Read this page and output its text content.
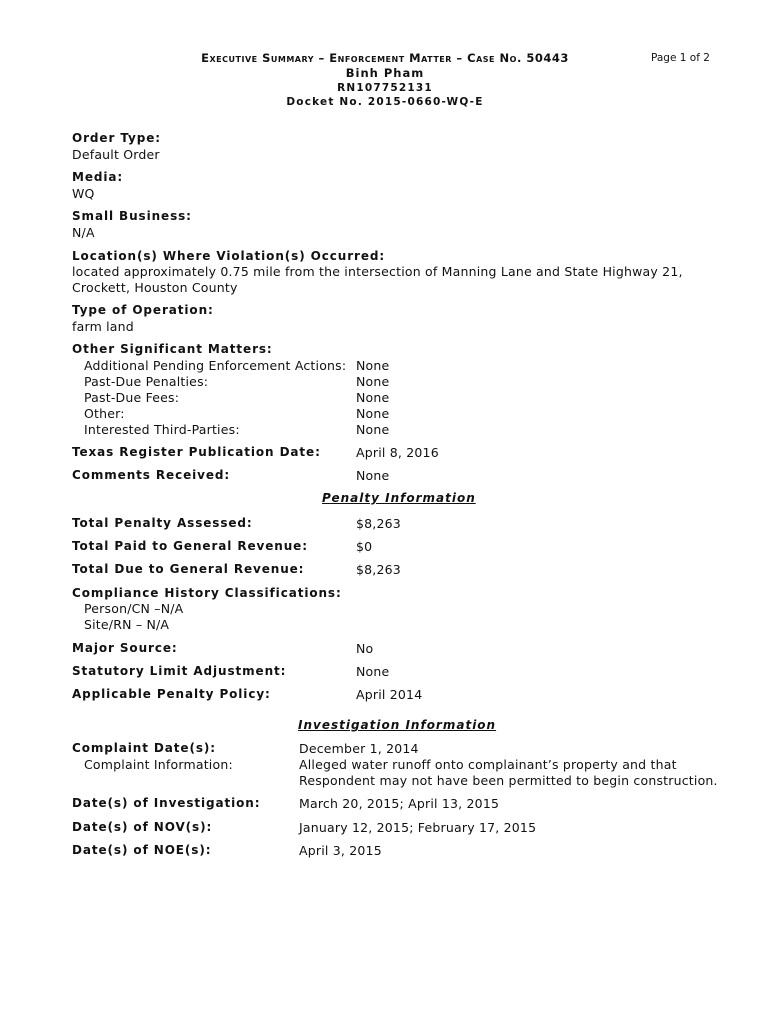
Executive Summary – Enforcement Matter – Case No. 50443
Binh Pham
RN107752131
Docket No. 2015-0660-WQ-E
Page 1 of 2
Order Type:
Default Order
Media:
WQ
Small Business:
N/A
Location(s) Where Violation(s) Occurred:
located approximately 0.75 mile from the intersection of Manning Lane and State Highway 21,
Crockett, Houston County
Type of Operation:
farm land
Other Significant Matters:
Additional Pending Enforcement Actions: None
Past-Due Penalties:	None
Past-Due Fees:	None
Other:	None
Interested Third-Parties:	None
Texas Register Publication Date:	April 8, 2016
Comments Received:	None
Penalty Information
Total Penalty Assessed:	$8,263
Total Paid to General Revenue:	$0
Total Due to General Revenue:	$8,263
Compliance History Classifications:
Person/CN –N/A
Site/RN – N/A
Major Source:	No
Statutory Limit Adjustment:	None
Applicable Penalty Policy:	April 2014
Investigation Information
Complaint Date(s):	December 1, 2014
Complaint Information:	Alleged water runoff onto complainant’s property and that
Respondent may not have been permitted to begin construction.
Date(s) of Investigation:	March 20, 2015; April 13, 2015
Date(s) of NOV(s):	January 12, 2015; February 17, 2015
Date(s) of NOE(s):	April 3, 2015
